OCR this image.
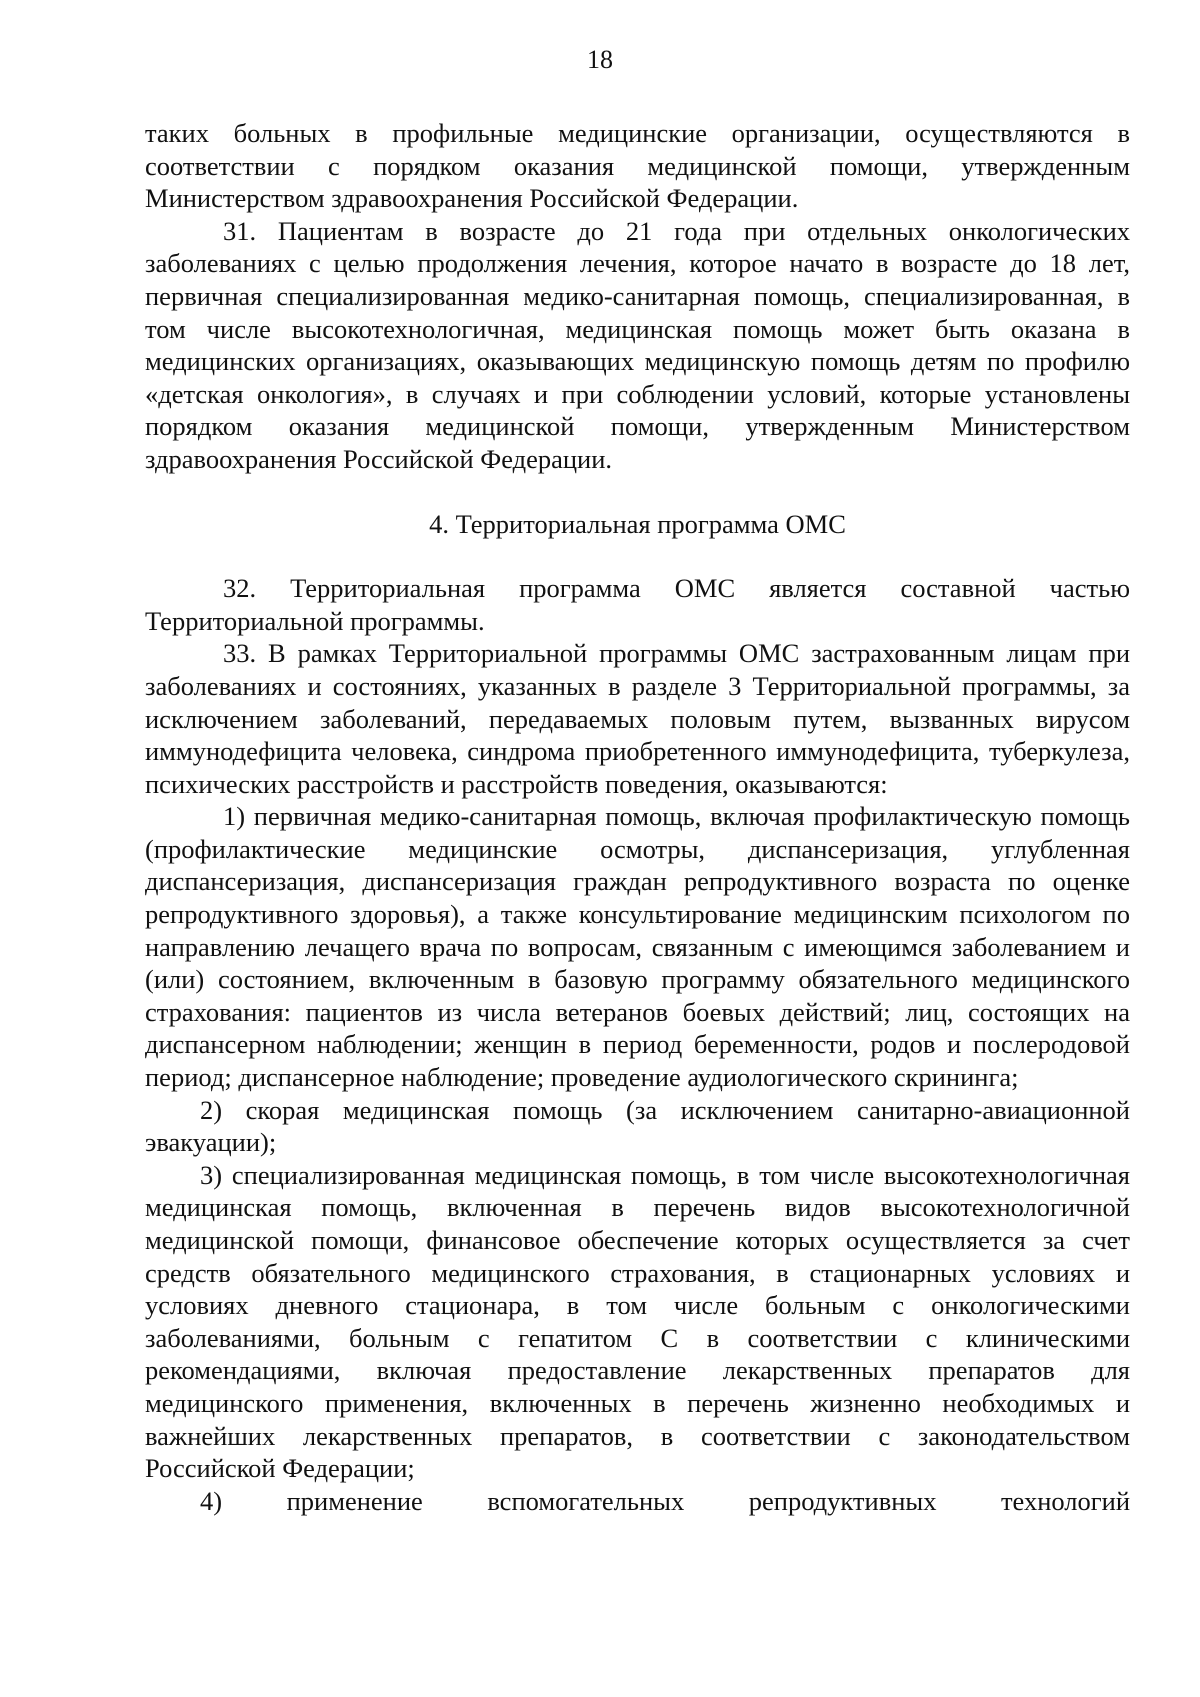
18

таких больных в профильные медицинские организации, осуществляются в соответствии с порядком оказания медицинской помощи, утвержденным Министерством здравоохранения Российской Федерации.

31. Пациентам в возрасте до 21 года при отдельных онкологических заболеваниях с целью продолжения лечения, которое начато в возрасте до 18 лет, первичная специализированная медико-санитарная помощь, специализированная, в том числе высокотехнологичная, медицинская помощь может быть оказана в медицинских организациях, оказывающих медицинскую помощь детям по профилю «детская онкология», в случаях и при соблюдении условий, которые установлены порядком оказания медицинской помощи, утвержденным Министерством здравоохранения Российской Федерации.

4. Территориальная программа ОМС

32. Территориальная программа ОМС является составной частью Территориальной программы.

33. В рамках Территориальной программы ОМС застрахованным лицам при заболеваниях и состояниях, указанных в разделе 3 Территориальной программы, за исключением заболеваний, передаваемых половым путем, вызванных вирусом иммунодефицита человека, синдрома приобретенного иммунодефицита, туберкулеза, психических расстройств и расстройств поведения, оказываются:

1) первичная медико-санитарная помощь, включая профилактическую помощь (профилактические медицинские осмотры, диспансеризация, углубленная диспансеризация, диспансеризация граждан репродуктивного возраста по оценке репродуктивного здоровья), а также консультирование медицинским психологом по направлению лечащего врача по вопросам, связанным с имеющимся заболеванием и (или) состоянием, включенным в базовую программу обязательного медицинского страхования: пациентов из числа ветеранов боевых действий; лиц, состоящих на диспансерном наблюдении; женщин в период беременности, родов и послеродовой период; диспансерное наблюдение; проведение аудиологического скрининга;

2) скорая медицинская помощь (за исключением санитарно-авиационной эвакуации);

3) специализированная медицинская помощь, в том числе высокотехнологичная медицинская помощь, включенная в перечень видов высокотехнологичной медицинской помощи, финансовое обеспечение которых осуществляется за счет средств обязательного медицинского страхования, в стационарных условиях и условиях дневного стационара, в том числе больным с онкологическими заболеваниями, больным с гепатитом С в соответствии с клиническими рекомендациями, включая предоставление лекарственных препаратов для медицинского применения, включенных в перечень жизненно необходимых и важнейших лекарственных препаратов, в соответствии с законодательством Российской Федерации;

4) применение вспомогательных репродуктивных технологий
